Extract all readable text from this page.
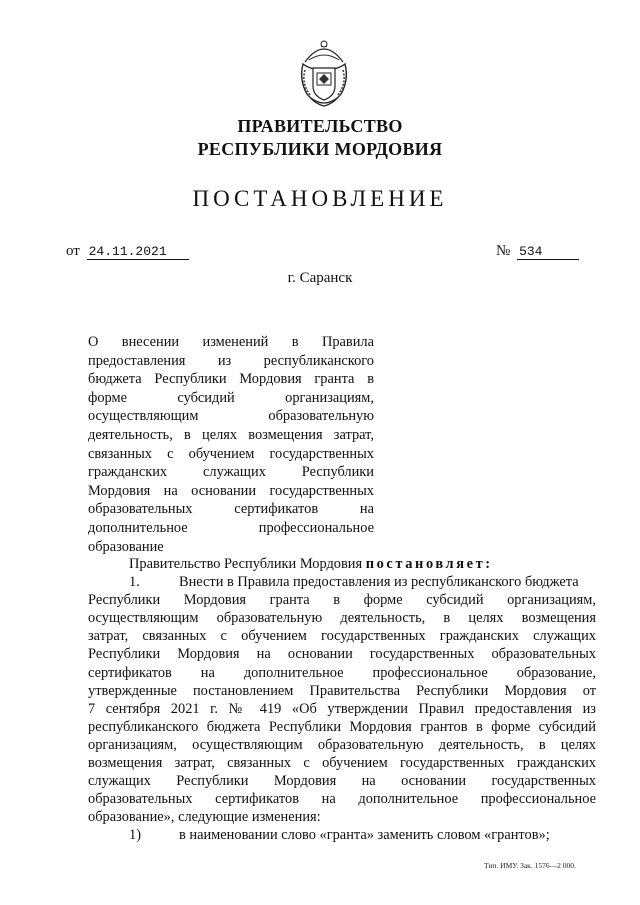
ПРАВИТЕЛЬСТВО
РЕСПУБЛИКИ МОРДОВИЯ
ПОСТАНОВЛЕНИЕ
от 24.11.2021	№ 534
г. Саранск
О внесении изменений в Правила
предоставления из республиканского
бюджета Республики Мордовия гранта в
форме субсидий организациям,
осуществляющим образовательную
деятельность, в целях возмещения затрат,
связанных с обучением государственных
гражданских служащих Республики
Мордовия на основании государственных
образовательных сертификатов на
дополнительное профессиональное
образование
Правительство Республики Мордовия постановляет:
1.	Внести в Правила предоставления из республиканского бюджета
Республики Мордовия гранта в форме субсидий организациям,
осуществляющим образовательную деятельность, в целях возмещения
затрат, связанных с обучением государственных гражданских служащих
Республики Мордовия на основании государственных образовательных
сертификатов на дополнительное профессиональное образование,
утвержденные постановлением Правительства Республики Мордовия от
7 сентября 2021 г. № 419 «Об утверждении Правил предоставления из
республиканского бюджета Республики Мордовия грантов в форме субсидий
организациям, осуществляющим образовательную деятельность, в целях
возмещения затрат, связанных с обучением государственных гражданских
служащих Республики Мордовия на основании государственных
образовательных сертификатов на дополнительное профессиональное
образование», следующие изменения:
1)	в наименовании слово «гранта» заменить словом «грантов»;
Тип. ИМУ. Зак. 1576—2 000.
